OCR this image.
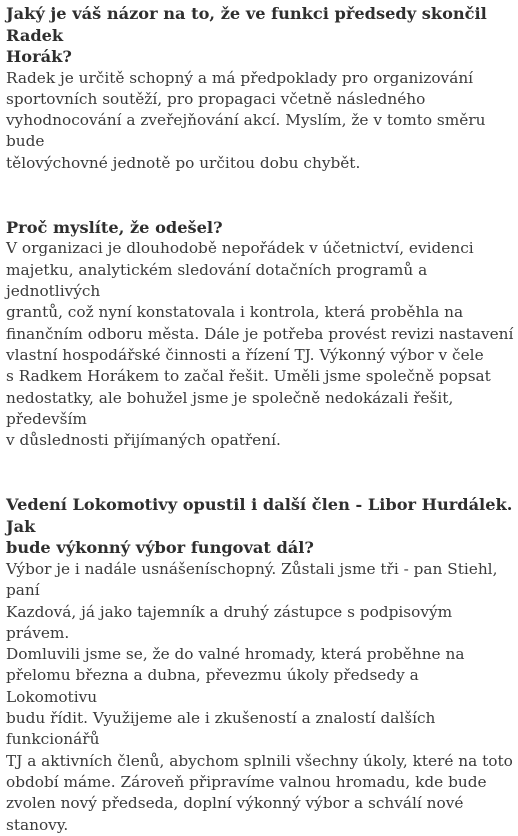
Jaký je váš názor na to, že ve funkci předsedy skončil Radek
Horák?

Radek je určitě schopný a má předpoklady pro organizování
sportovních soutěží, pro propagaci včetně následného
vyhodnocování a zveřejňování akcí. Myslím, že v tomto směru bude
tělovýchovné jednotě po určitou dobu chybět.

Proč myslíte, že odešel?

V organizaci je dlouhodobě nepořádek v účetnictví, evidenci
majetku, analytickém sledování dotačních programů a jednotlivých
grantů, což nyní konstatovala i kontrola, která proběhla na
finančním odboru města. Dále je potřeba provést revizi nastavení
vlastní hospodářské činnosti a řízení TJ. Výkonný výbor v čele
s Radkem Horákem to začal řešit. Uměli jsme společně popsat
nedostatky, ale bohužel jsme je společně nedokázali řešit, především
v důslednosti přijímaných opatření.

Vedení Lokomotivy opustil i další člen - Libor Hurdálek. Jak
bude výkonný výbor fungovat dál?

Výbor je i nadále usnášeníschopný. Zůstali jsme tři - pan Stiehl, paní
Kazdová, já jako tajemník a druhý zástupce s podpisovým právem.
Domluvili jsme se, že do valné hromady, která proběhne na
přelomu března a dubna, převezmu úkoly předsedy a Lokomotivu
budu řídit. Využijeme ale i zkušeností a znalostí dalších funkcionářů
TJ a aktivních členů, abychom splnili všechny úkoly, které na toto
období máme. Zároveň připravíme valnou hromadu, kde bude
zvolen nový předseda, doplní výkonný výbor a schválí nové
stanovy.
